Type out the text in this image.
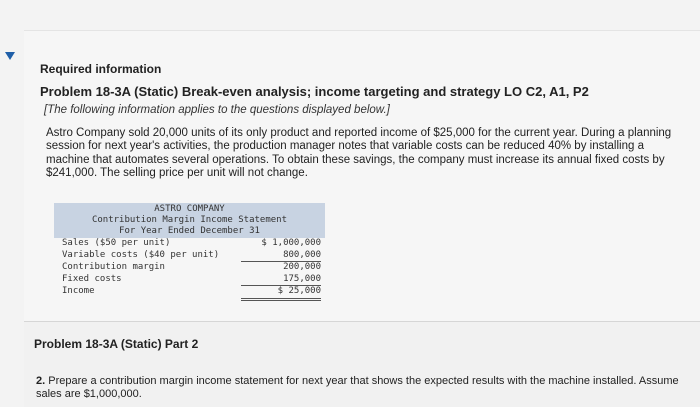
Required information
Problem 18-3A (Static) Break-even analysis; income targeting and strategy LO C2, A1, P2
[The following information applies to the questions displayed below.]
Astro Company sold 20,000 units of its only product and reported income of $25,000 for the current year. During a planning session for next year's activities, the production manager notes that variable costs can be reduced 40% by installing a machine that automates several operations. To obtain these savings, the company must increase its annual fixed costs by $241,000. The selling price per unit will not change.
ASTRO COMPANY
Contribution Margin Income Statement
For Year Ended December 31
Sales ($50 per unit)	$ 1,000,000
Variable costs ($40 per unit)	800,000
Contribution margin	200,000
Fixed costs	175,000
Income	$ 25,000
Problem 18-3A (Static) Part 2
2. Prepare a contribution margin income statement for next year that shows the expected results with the machine installed. Assume sales are $1,000,000.
